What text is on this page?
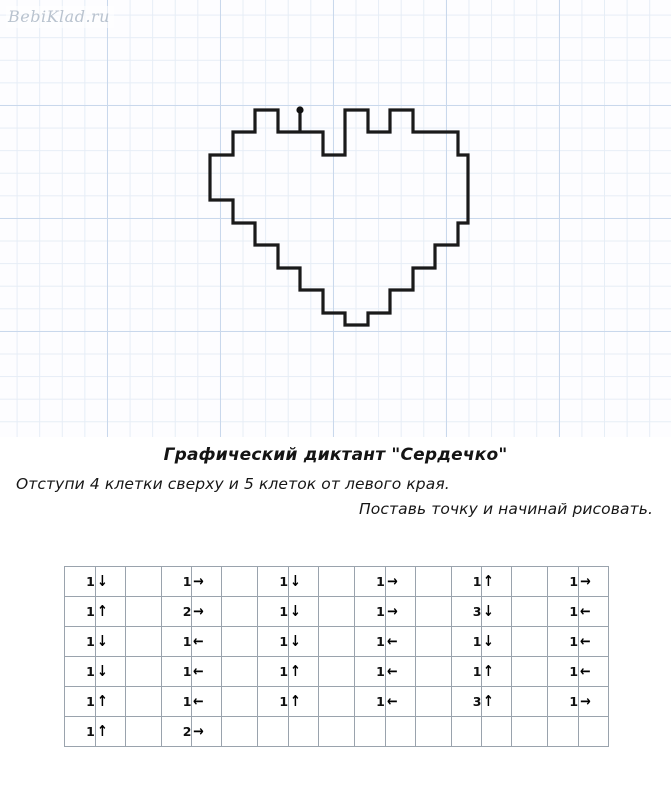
BebiKlad.ru
Графический диктант "Сердечко"

Отступи 4 клетки сверху и 5 клеток от левого края.

Поставь точку и начинай рисовать.

1	↓		1	→		1	↓		1	→		1	↑		1	→
1	↑		2	→		1	↓		1	→		3	↓		1	←
1	↓		1	←		1	↓		1	←		1	↓		1	←
1	↓		1	←		1	↑		1	←		1	↑		1	←
1	↑		1	←		1	↑		1	←		3	↑		1	→
1	↑		2	→												
